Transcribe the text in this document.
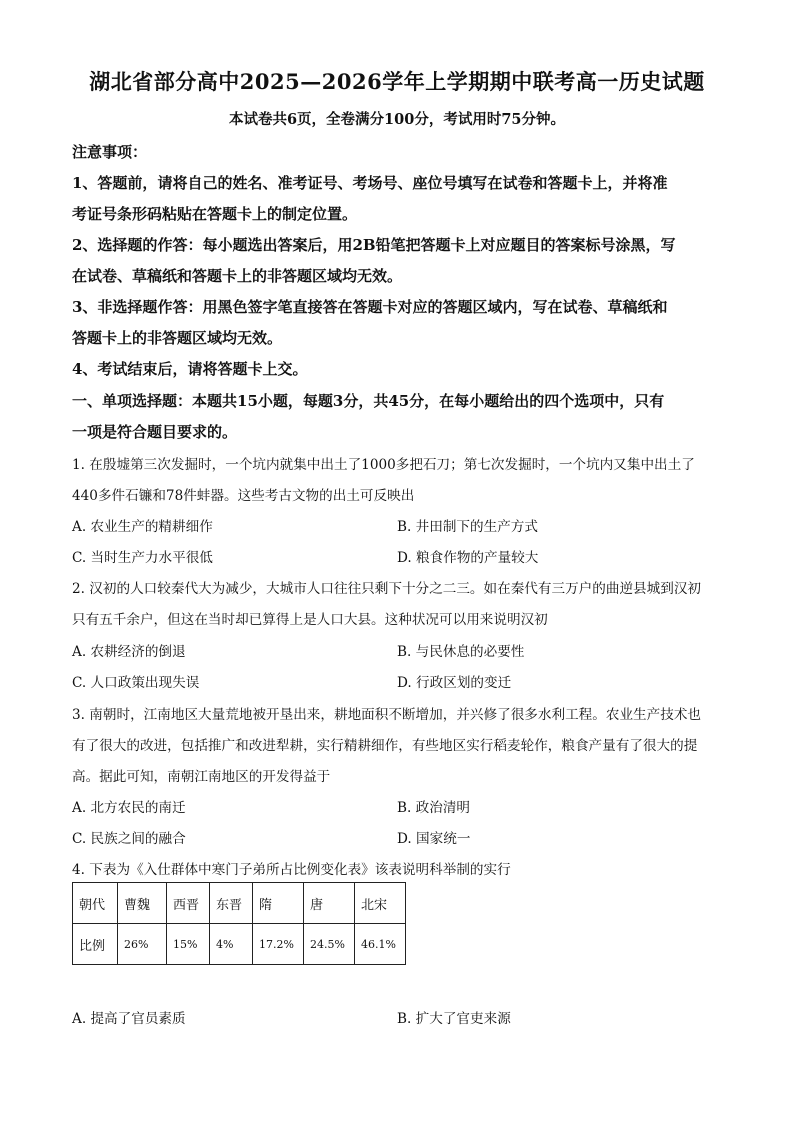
湖北省部分高中2025—2026学年上学期期中联考高一历史试题
本试卷共6页，全卷满分100分，考试用时75分钟。
注意事项：
1、答题前，请将自己的姓名、准考证号、考场号、座位号填写在试卷和答题卡上，并将准
考证号条形码粘贴在答题卡上的制定位置。
2、选择题的作答：每小题选出答案后，用2B铅笔把答题卡上对应题目的答案标号涂黑，写
在试卷、草稿纸和答题卡上的非答题区域均无效。
3、非选择题作答：用黑色签字笔直接答在答题卡对应的答题区域内，写在试卷、草稿纸和
答题卡上的非答题区域均无效。
4、考试结束后，请将答题卡上交。
一、单项选择题：本题共15小题，每题3分，共45分，在每小题给出的四个选项中，只有
一项是符合题目要求的。
1. 在殷墟第三次发掘时，一个坑内就集中出土了1000多把石刀；第七次发掘时，一个坑内又集中出土了
440多件石镰和78件蚌器。这些考古文物的出土可反映出
A. 农业生产的精耕细作	B. 井田制下的生产方式
C. 当时生产力水平很低	D. 粮食作物的产量较大
2. 汉初的人口较秦代大为减少，大城市人口往往只剩下十分之二三。如在秦代有三万户的曲逆县城到汉初
只有五千余户，但这在当时却已算得上是人口大县。这种状况可以用来说明汉初
A. 农耕经济的倒退	B. 与民休息的必要性
C. 人口政策出现失误	D. 行政区划的变迁
3. 南朝时，江南地区大量荒地被开垦出来，耕地面积不断增加，并兴修了很多水利工程。农业生产技术也
有了很大的改进，包括推广和改进犁耕，实行精耕细作，有些地区实行稻麦轮作，粮食产量有了很大的提
高。据此可知，南朝江南地区的开发得益于
A. 北方农民的南迁	B. 政治清明
C. 民族之间的融合	D. 国家统一
4. 下表为《入仕群体中寒门子弟所占比例变化表》该表说明科举制的实行
朝代	曹魏	西晋	东晋	隋	唐	北宋
比例	26%	15%	4%	17.2%	24.5%	46.1%
A. 提高了官员素质	B. 扩大了官吏来源
